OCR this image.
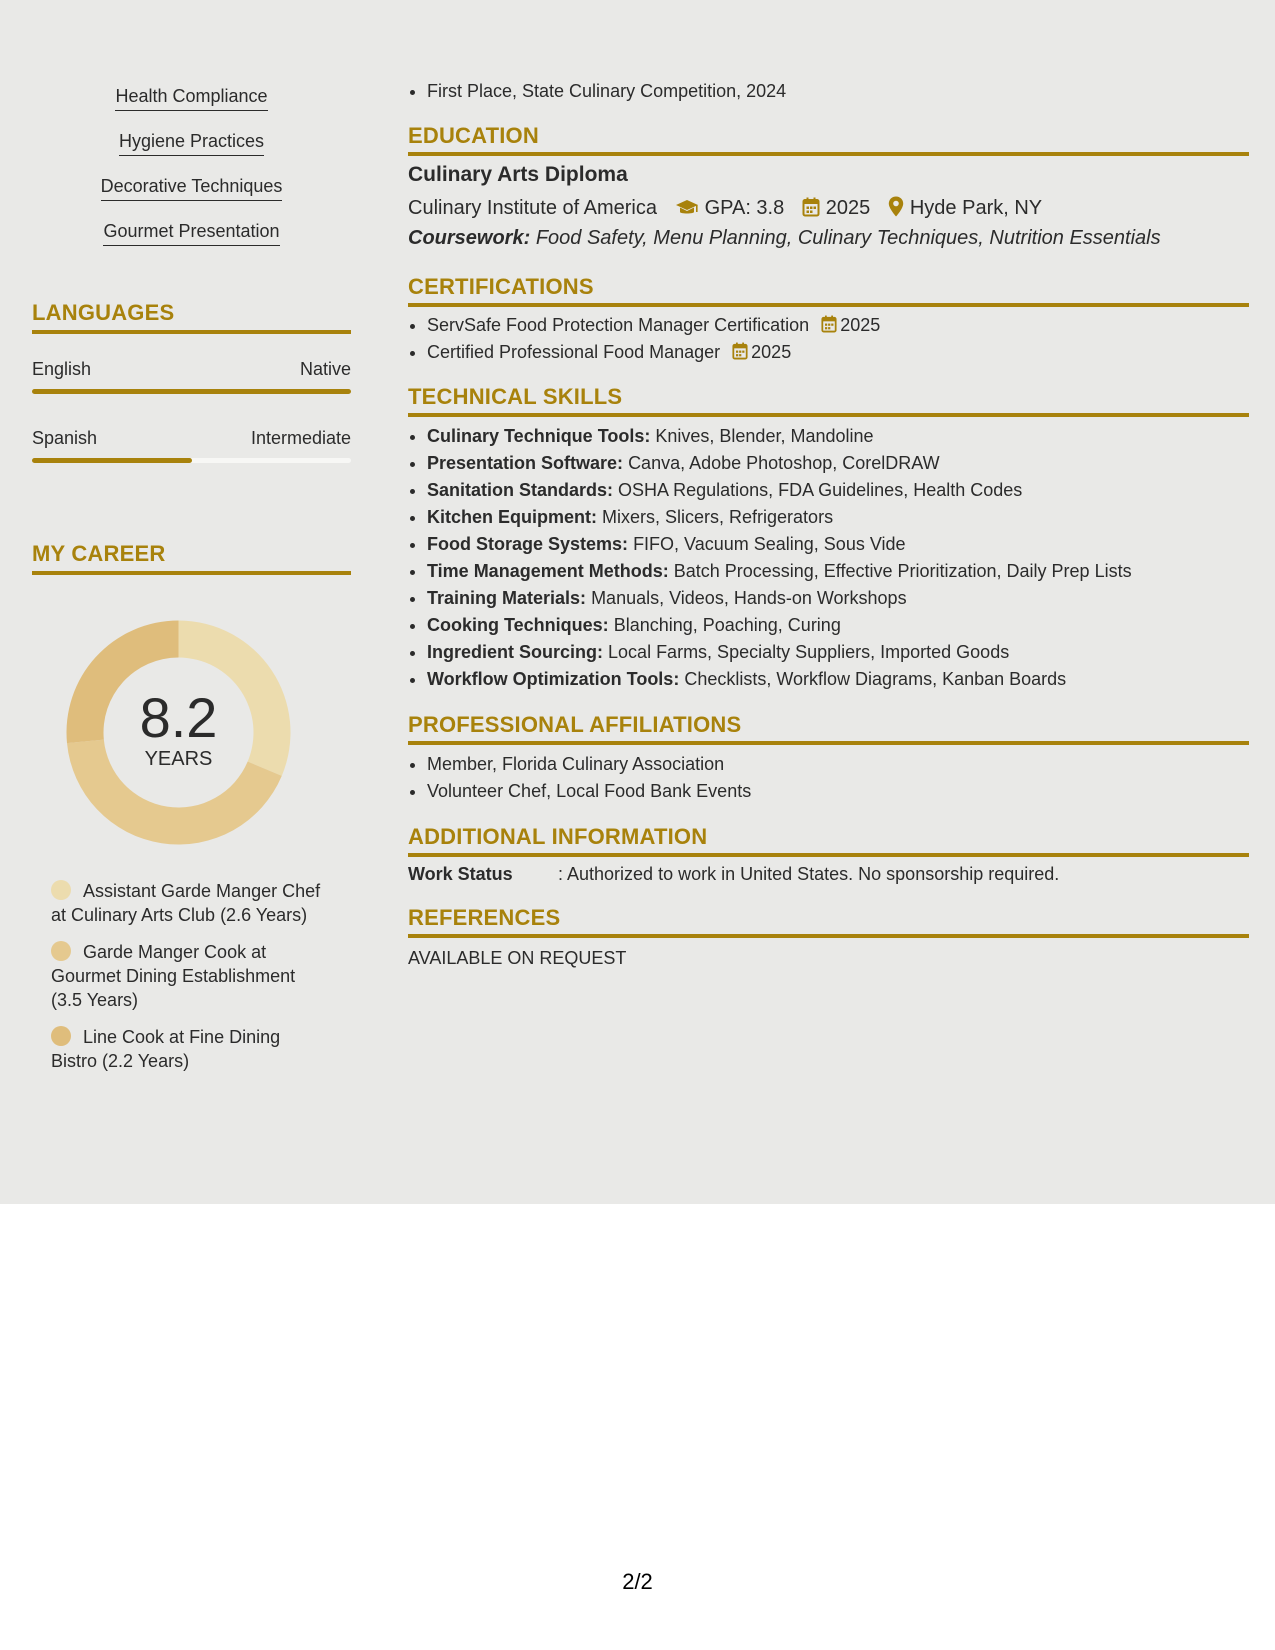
Health Compliance
Hygiene Practices
Decorative Techniques
Gourmet Presentation
LANGUAGES
English	Native
Spanish	Intermediate
MY CAREER
8.2
YEARS
Assistant Garde Manger Chef at Culinary Arts Club (2.6 Years)
Garde Manger Cook at Gourmet Dining Establishment (3.5 Years)
Line Cook at Fine Dining Bistro (2.2 Years)
• First Place, State Culinary Competition, 2024
EDUCATION
Culinary Arts Diploma
Culinary Institute of America GPA: 3.8 2025 Hyde Park, NY
Coursework: Food Safety, Menu Planning, Culinary Techniques, Nutrition Essentials
CERTIFICATIONS
• ServSafe Food Protection Manager Certification 2025
• Certified Professional Food Manager 2025
TECHNICAL SKILLS
• Culinary Technique Tools: Knives, Blender, Mandoline
• Presentation Software: Canva, Adobe Photoshop, CorelDRAW
• Sanitation Standards: OSHA Regulations, FDA Guidelines, Health Codes
• Kitchen Equipment: Mixers, Slicers, Refrigerators
• Food Storage Systems: FIFO, Vacuum Sealing, Sous Vide
• Time Management Methods: Batch Processing, Effective Prioritization, Daily Prep Lists
• Training Materials: Manuals, Videos, Hands-on Workshops
• Cooking Techniques: Blanching, Poaching, Curing
• Ingredient Sourcing: Local Farms, Specialty Suppliers, Imported Goods
• Workflow Optimization Tools: Checklists, Workflow Diagrams, Kanban Boards
PROFESSIONAL AFFILIATIONS
• Member, Florida Culinary Association
• Volunteer Chef, Local Food Bank Events
ADDITIONAL INFORMATION
Work Status	: Authorized to work in United States. No sponsorship required.
REFERENCES
AVAILABLE ON REQUEST
2/2
